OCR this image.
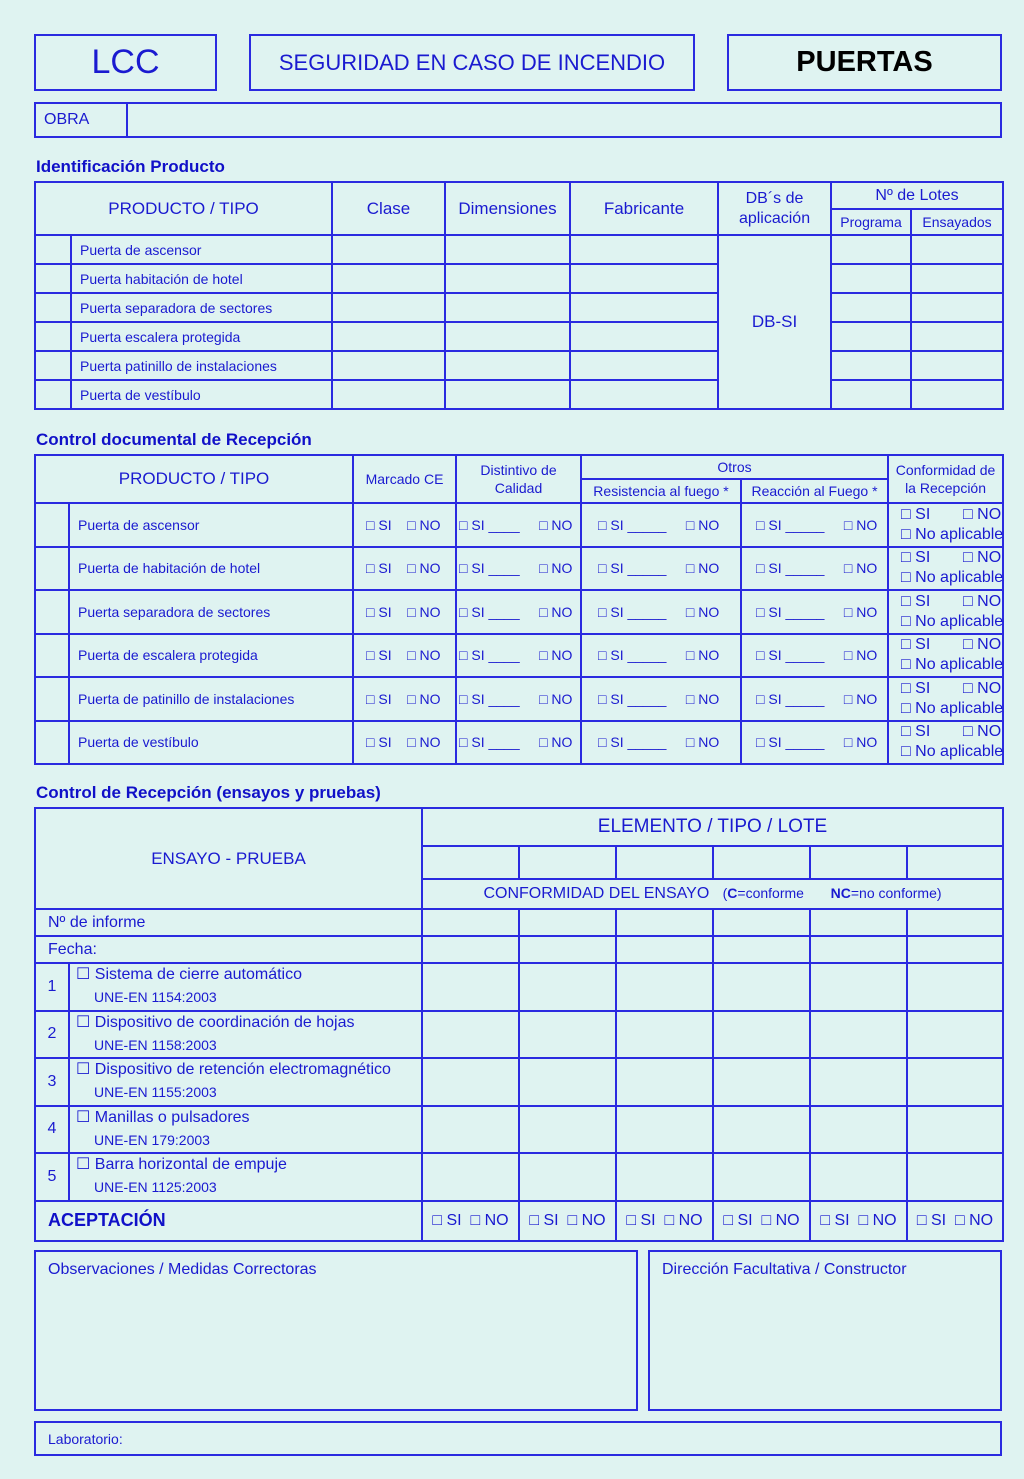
LCC	SEGURIDAD EN CASO DE INCENDIO	PUERTAS
OBRA	
Identificación Producto
PRODUCTO / TIPO		Clase	Dimensiones	Fabricante	DB´s de aplicación	Nº de Lotes	
						Programa	Ensayados
	Puerta de ascensor				DB-SI		
	Puerta habitación de hotel						
	Puerta separadora de sectores						
	Puerta escalera protegida						
	Puerta patinillo de instalaciones						
	Puerta de vestíbulo						
Control documental de Recepción
PRODUCTO / TIPO		Marcado CE	Distintivo de Calidad	Otros		Conformidad de la Recepción
				Resistencia al fuego *	Reacción al Fuego *	
	Puerta de ascensor	□ SI □ NO	□ SI ____ □ NO	□ SI _____ □ NO	□ SI _____ □ NO	□ SI □ NO
□ No aplicable
	Puerta de habitación de hotel	□ SI □ NO	□ SI ____ □ NO	□ SI _____ □ NO	□ SI _____ □ NO	□ SI □ NO
□ No aplicable
	Puerta separadora de sectores	□ SI □ NO	□ SI ____ □ NO	□ SI _____ □ NO	□ SI _____ □ NO	□ SI □ NO
□ No aplicable
	Puerta de escalera protegida	□ SI □ NO	□ SI ____ □ NO	□ SI _____ □ NO	□ SI _____ □ NO	□ SI □ NO
□ No aplicable
	Puerta de patinillo de instalaciones	□ SI □ NO	□ SI ____ □ NO	□ SI _____ □ NO	□ SI _____ □ NO	□ SI □ NO
□ No aplicable
	Puerta de vestíbulo	□ SI □ NO	□ SI ____ □ NO	□ SI _____ □ NO	□ SI _____ □ NO	□ SI □ NO
□ No aplicable
Control de Recepción (ensayos y pruebas)
ENSAYO - PRUEBA		ELEMENTO / TIPO / LOTE					

		CONFORMIDAD DEL ENSAYO (C=conforme NC=no conforme)					
Nº de informe							
Fecha:							
1	☐ Sistema de cierre automático
UNE-EN 1154:2003						
2	☐ Dispositivo de coordinación de hojas
UNE-EN 1158:2003						
3	☐ Dispositivo de retención electromagnético
UNE-EN 1155:2003						
4	☐ Manillas o pulsadores
UNE-EN 179:2003						
5	☐ Barra horizontal de empuje
UNE-EN 1125:2003						
ACEPTACIÓN		□ SI □ NO	□ SI □ NO	□ SI □ NO	□ SI □ NO	□ SI □ NO	□ SI □ NO
Observaciones / Medidas Correctoras	Dirección Facultativa / Constructor
Laboratorio:
